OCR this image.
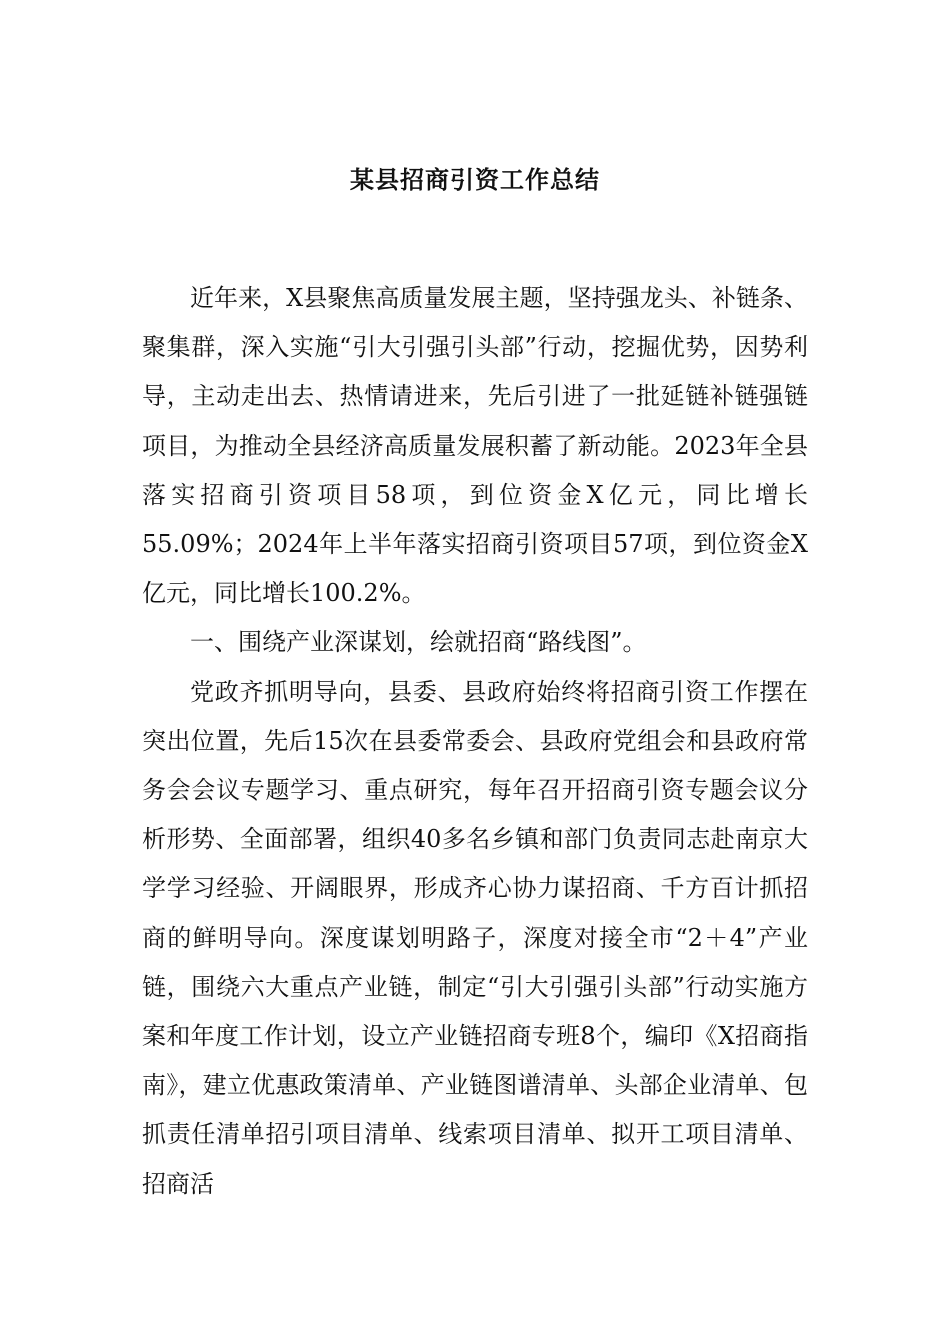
某县招商引资工作总结

近年来，X县聚焦高质量发展主题，坚持强龙头、补链条、聚集群，深入实施“引大引强引头部”行动，挖掘优势，因势利导，主动走出去、热情请进来，先后引进了一批延链补链强链项目，为推动全县经济高质量发展积蓄了新动能。2023年全县落实招商引资项目58项，到位资金X亿元，同比增长55.09%；2024年上半年落实招商引资项目57项，到位资金X亿元，同比增长100.2%。

一、围绕产业深谋划，绘就招商“路线图”。

党政齐抓明导向，县委、县政府始终将招商引资工作摆在突出位置，先后15次在县委常委会、县政府党组会和县政府常务会会议专题学习、重点研究，每年召开招商引资专题会议分析形势、全面部署，组织40多名乡镇和部门负责同志赴南京大学学习经验、开阔眼界，形成齐心协力谋招商、千方百计抓招商的鲜明导向。深度谋划明路子，深度对接全市“2＋4”产业链，围绕六大重点产业链，制定“引大引强引头部”行动实施方案和年度工作计划，设立产业链招商专班8个，编印《X招商指南》，建立优惠政策清单、产业链图谱清单、头部企业清单、包抓责任清单招引项目清单、线索项目清单、拟开工项目清单、招商活
